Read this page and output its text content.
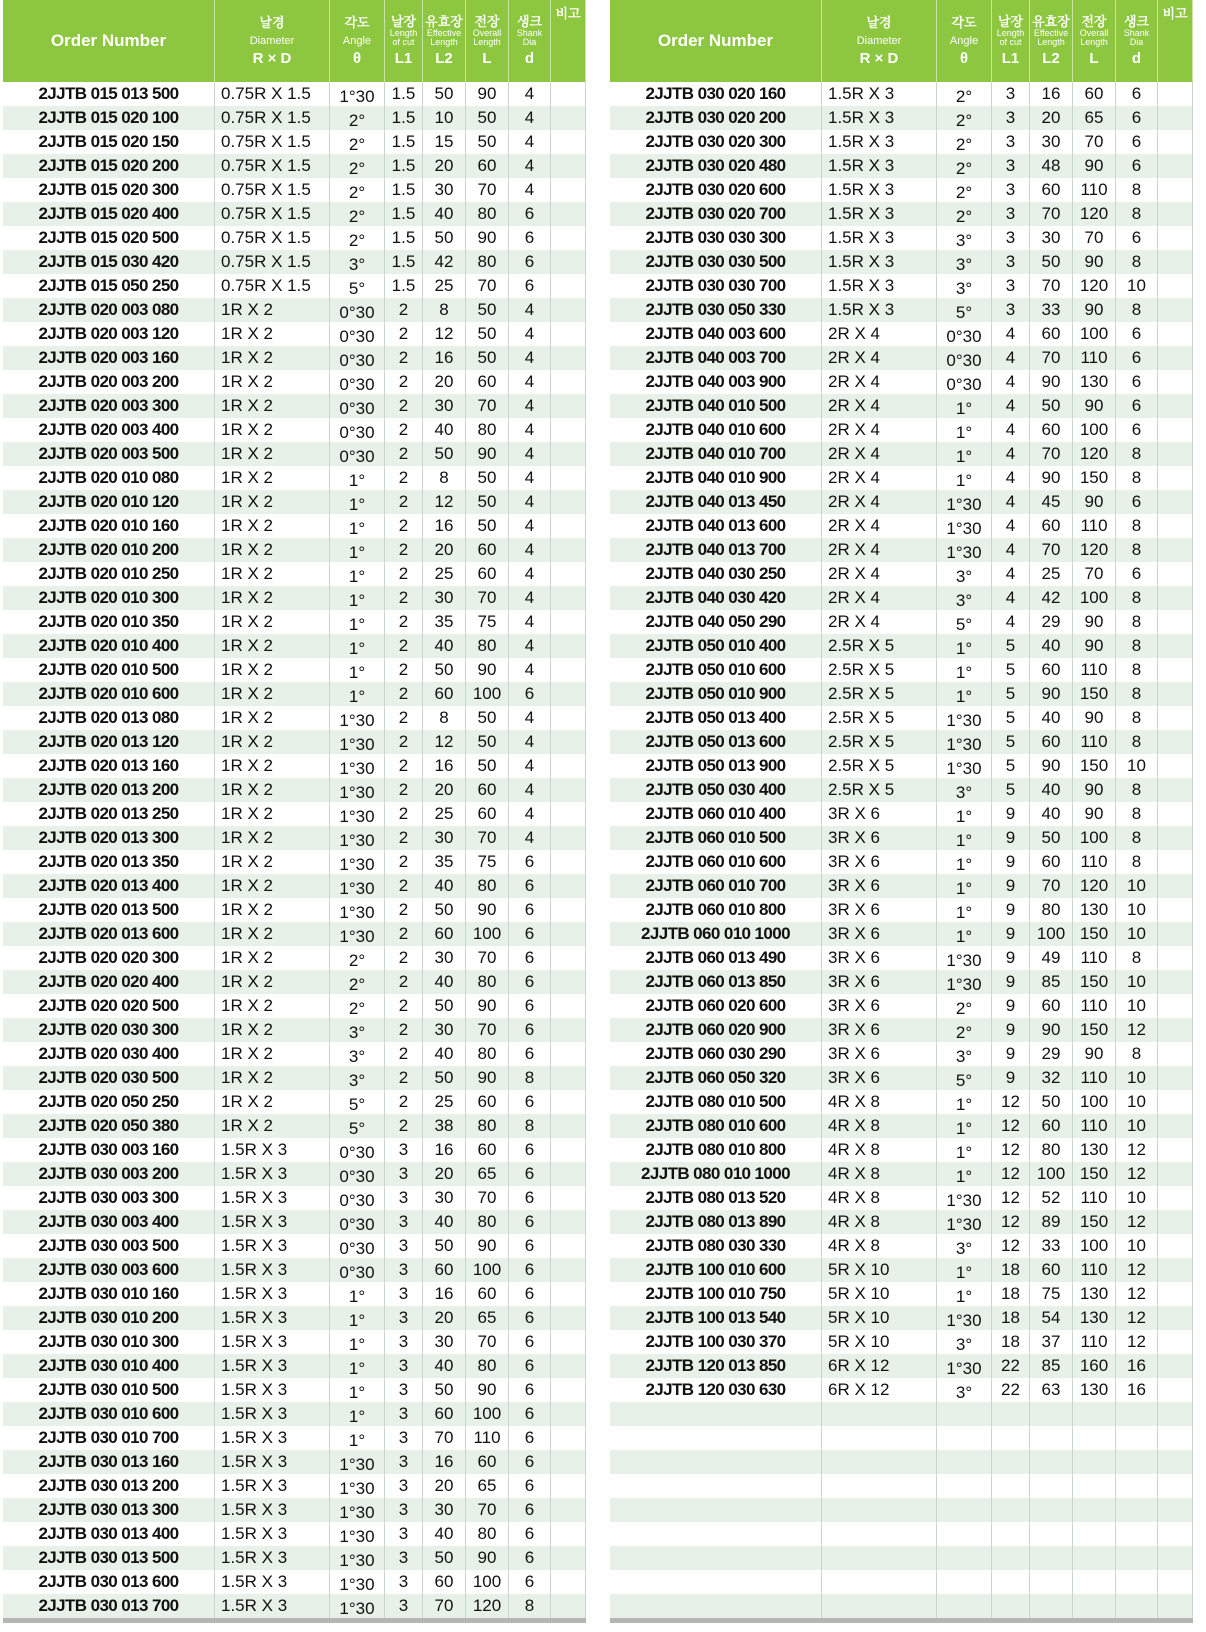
Order Number
날경
Diameter
R × D
각도
Angle
θ
날장
Length
of cut
L1
유효장
Effective
Length
L2
전장
Overall
Length
L
생크
Shank
Dia
d
비고
2JJTB 015 013 500	0.75R X 1.5	1°30	1.5	50	90	4
2JJTB 015 020 100	0.75R X 1.5	2°	1.5	10	50	4
2JJTB 015 020 150	0.75R X 1.5	2°	1.5	15	50	4
2JJTB 015 020 200	0.75R X 1.5	2°	1.5	20	60	4
2JJTB 015 020 300	0.75R X 1.5	2°	1.5	30	70	4
2JJTB 015 020 400	0.75R X 1.5	2°	1.5	40	80	6
2JJTB 015 020 500	0.75R X 1.5	2°	1.5	50	90	6
2JJTB 015 030 420	0.75R X 1.5	3°	1.5	42	80	6
2JJTB 015 050 250	0.75R X 1.5	5°	1.5	25	70	6
2JJTB 020 003 080	1R X 2	0°30	2	8	50	4
2JJTB 020 003 120	1R X 2	0°30	2	12	50	4
2JJTB 020 003 160	1R X 2	0°30	2	16	50	4
2JJTB 020 003 200	1R X 2	0°30	2	20	60	4
2JJTB 020 003 300	1R X 2	0°30	2	30	70	4
2JJTB 020 003 400	1R X 2	0°30	2	40	80	4
2JJTB 020 003 500	1R X 2	0°30	2	50	90	4
2JJTB 020 010 080	1R X 2	1°	2	8	50	4
2JJTB 020 010 120	1R X 2	1°	2	12	50	4
2JJTB 020 010 160	1R X 2	1°	2	16	50	4
2JJTB 020 010 200	1R X 2	1°	2	20	60	4
2JJTB 020 010 250	1R X 2	1°	2	25	60	4
2JJTB 020 010 300	1R X 2	1°	2	30	70	4
2JJTB 020 010 350	1R X 2	1°	2	35	75	4
2JJTB 020 010 400	1R X 2	1°	2	40	80	4
2JJTB 020 010 500	1R X 2	1°	2	50	90	4
2JJTB 020 010 600	1R X 2	1°	2	60	100	6
2JJTB 020 013 080	1R X 2	1°30	2	8	50	4
2JJTB 020 013 120	1R X 2	1°30	2	12	50	4
2JJTB 020 013 160	1R X 2	1°30	2	16	50	4
2JJTB 020 013 200	1R X 2	1°30	2	20	60	4
2JJTB 020 013 250	1R X 2	1°30	2	25	60	4
2JJTB 020 013 300	1R X 2	1°30	2	30	70	4
2JJTB 020 013 350	1R X 2	1°30	2	35	75	6
2JJTB 020 013 400	1R X 2	1°30	2	40	80	6
2JJTB 020 013 500	1R X 2	1°30	2	50	90	6
2JJTB 020 013 600	1R X 2	1°30	2	60	100	6
2JJTB 020 020 300	1R X 2	2°	2	30	70	6
2JJTB 020 020 400	1R X 2	2°	2	40	80	6
2JJTB 020 020 500	1R X 2	2°	2	50	90	6
2JJTB 020 030 300	1R X 2	3°	2	30	70	6
2JJTB 020 030 400	1R X 2	3°	2	40	80	6
2JJTB 020 030 500	1R X 2	3°	2	50	90	8
2JJTB 020 050 250	1R X 2	5°	2	25	60	6
2JJTB 020 050 380	1R X 2	5°	2	38	80	8
2JJTB 030 003 160	1.5R X 3	0°30	3	16	60	6
2JJTB 030 003 200	1.5R X 3	0°30	3	20	65	6
2JJTB 030 003 300	1.5R X 3	0°30	3	30	70	6
2JJTB 030 003 400	1.5R X 3	0°30	3	40	80	6
2JJTB 030 003 500	1.5R X 3	0°30	3	50	90	6
2JJTB 030 003 600	1.5R X 3	0°30	3	60	100	6
2JJTB 030 010 160	1.5R X 3	1°	3	16	60	6
2JJTB 030 010 200	1.5R X 3	1°	3	20	65	6
2JJTB 030 010 300	1.5R X 3	1°	3	30	70	6
2JJTB 030 010 400	1.5R X 3	1°	3	40	80	6
2JJTB 030 010 500	1.5R X 3	1°	3	50	90	6
2JJTB 030 010 600	1.5R X 3	1°	3	60	100	6
2JJTB 030 010 700	1.5R X 3	1°	3	70	110	6
2JJTB 030 013 160	1.5R X 3	1°30	3	16	60	6
2JJTB 030 013 200	1.5R X 3	1°30	3	20	65	6
2JJTB 030 013 300	1.5R X 3	1°30	3	30	70	6
2JJTB 030 013 400	1.5R X 3	1°30	3	40	80	6
2JJTB 030 013 500	1.5R X 3	1°30	3	50	90	6
2JJTB 030 013 600	1.5R X 3	1°30	3	60	100	6
2JJTB 030 013 700	1.5R X 3	1°30	3	70	120	8
Order Number
날경
Diameter
R × D
각도
Angle
θ
날장
Length
of cut
L1
유효장
Effective
Length
L2
전장
Overall
Length
L
생크
Shank
Dia
d
비고
2JJTB 030 020 160	1.5R X 3	2°	3	16	60	6
2JJTB 030 020 200	1.5R X 3	2°	3	20	65	6
2JJTB 030 020 300	1.5R X 3	2°	3	30	70	6
2JJTB 030 020 480	1.5R X 3	2°	3	48	90	6
2JJTB 030 020 600	1.5R X 3	2°	3	60	110	8
2JJTB 030 020 700	1.5R X 3	2°	3	70	120	8
2JJTB 030 030 300	1.5R X 3	3°	3	30	70	6
2JJTB 030 030 500	1.5R X 3	3°	3	50	90	8
2JJTB 030 030 700	1.5R X 3	3°	3	70	120	10
2JJTB 030 050 330	1.5R X 3	5°	3	33	90	8
2JJTB 040 003 600	2R X 4	0°30	4	60	100	6
2JJTB 040 003 700	2R X 4	0°30	4	70	110	6
2JJTB 040 003 900	2R X 4	0°30	4	90	130	6
2JJTB 040 010 500	2R X 4	1°	4	50	90	6
2JJTB 040 010 600	2R X 4	1°	4	60	100	6
2JJTB 040 010 700	2R X 4	1°	4	70	120	8
2JJTB 040 010 900	2R X 4	1°	4	90	150	8
2JJTB 040 013 450	2R X 4	1°30	4	45	90	6
2JJTB 040 013 600	2R X 4	1°30	4	60	110	8
2JJTB 040 013 700	2R X 4	1°30	4	70	120	8
2JJTB 040 030 250	2R X 4	3°	4	25	70	6
2JJTB 040 030 420	2R X 4	3°	4	42	100	8
2JJTB 040 050 290	2R X 4	5°	4	29	90	8
2JJTB 050 010 400	2.5R X 5	1°	5	40	90	8
2JJTB 050 010 600	2.5R X 5	1°	5	60	110	8
2JJTB 050 010 900	2.5R X 5	1°	5	90	150	8
2JJTB 050 013 400	2.5R X 5	1°30	5	40	90	8
2JJTB 050 013 600	2.5R X 5	1°30	5	60	110	8
2JJTB 050 013 900	2.5R X 5	1°30	5	90	150	10
2JJTB 050 030 400	2.5R X 5	3°	5	40	90	8
2JJTB 060 010 400	3R X 6	1°	9	40	90	8
2JJTB 060 010 500	3R X 6	1°	9	50	100	8
2JJTB 060 010 600	3R X 6	1°	9	60	110	8
2JJTB 060 010 700	3R X 6	1°	9	70	120	10
2JJTB 060 010 800	3R X 6	1°	9	80	130	10
2JJTB 060 010 1000	3R X 6	1°	9	100 150	10
2JJTB 060 013 490	3R X 6	1°30	9	49	110	8
2JJTB 060 013 850	3R X 6	1°30	9	85	150	10
2JJTB 060 020 600	3R X 6	2°	9	60	110	10
2JJTB 060 020 900	3R X 6	2°	9	90	150	12
2JJTB 060 030 290	3R X 6	3°	9	29	90	8
2JJTB 060 050 320	3R X 6	5°	9	32	110	10
2JJTB 080 010 500	4R X 8	1°	12	50	100	10
2JJTB 080 010 600	4R X 8	1°	12	60	110	10
2JJTB 080 010 800	4R X 8	1°	12	80	130	12
2JJTB 080 010 1000	4R X 8	1°	12 100 150	12
2JJTB 080 013 520	4R X 8	1°30	12	52	110	10
2JJTB 080 013 890	4R X 8	1°30	12	89	150	12
2JJTB 080 030 330	4R X 8	3°	12	33	100	10
2JJTB 100 010 600	5R X 10	1°	18	60	110	12
2JJTB 100 010 750	5R X 10	1°	18	75	130	12
2JJTB 100 013 540	5R X 10	1°30	18	54	130	12
2JJTB 100 030 370	5R X 10	3°	18	37	110	12
2JJTB 120 013 850	6R X 12	1°30	22	85	160	16
2JJTB 120 030 630	6R X 12	3°	22	63	130	16
